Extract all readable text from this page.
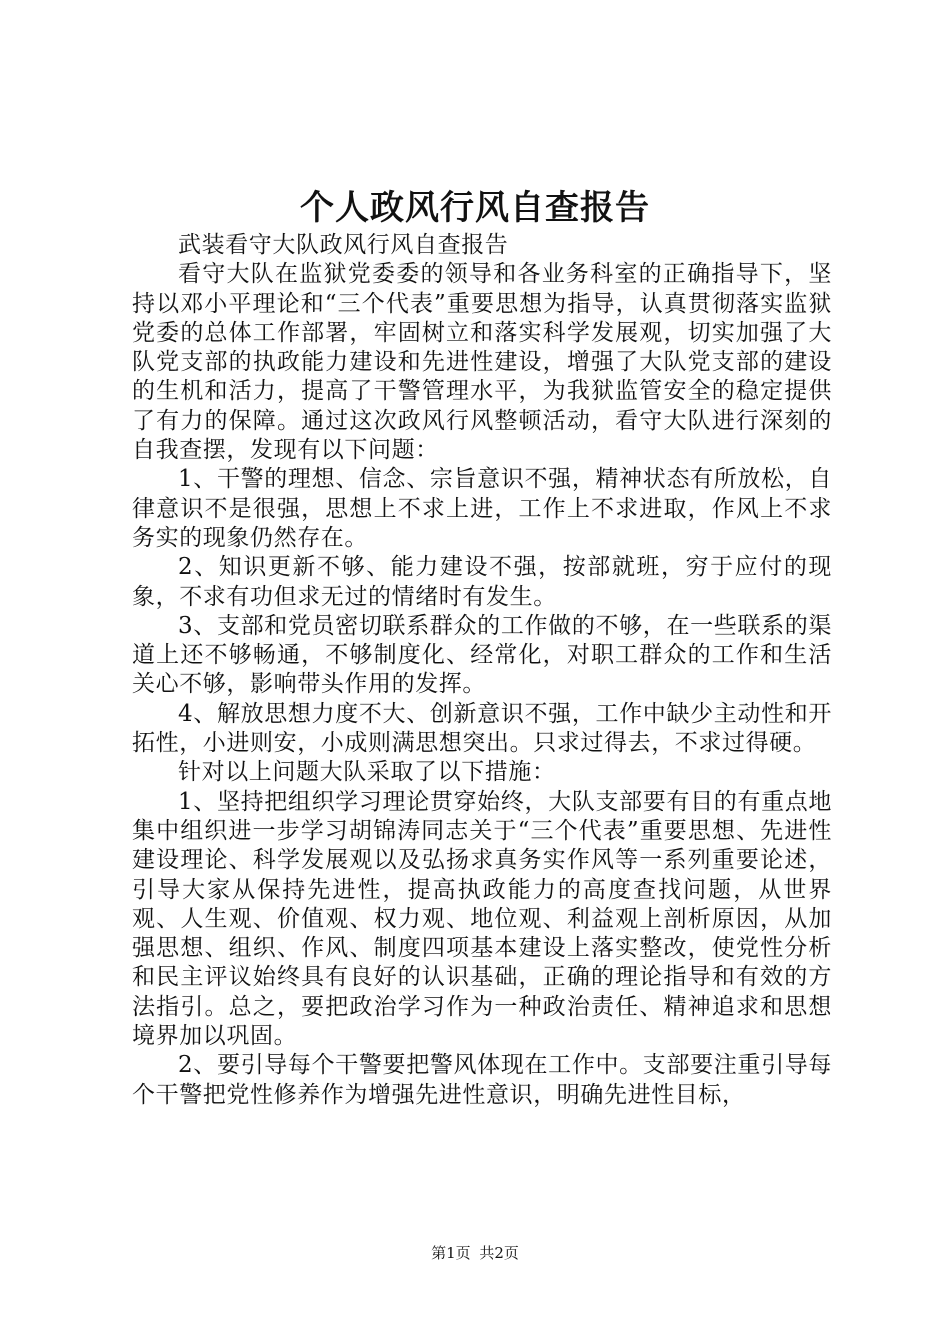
个人政风行风自查报告

武装看守大队政风行风自查报告

看守大队在监狱党委委的领导和各业务科室的正确指导下，坚持以邓小平理论和“三个代表”重要思想为指导，认真贯彻落实监狱党委的总体工作部署，牢固树立和落实科学发展观，切实加强了大队党支部的执政能力建设和先进性建设，增强了大队党支部的建设的生机和活力，提高了干警管理水平，为我狱监管安全的稳定提供了有力的保障。通过这次政风行风整顿活动，看守大队进行深刻的自我查摆，发现有以下问题：

1、干警的理想、信念、宗旨意识不强，精神状态有所放松，自律意识不是很强，思想上不求上进，工作上不求进取，作风上不求务实的现象仍然存在。

2、知识更新不够、能力建设不强，按部就班，穷于应付的现象，不求有功但求无过的情绪时有发生。

3、支部和党员密切联系群众的工作做的不够，在一些联系的渠道上还不够畅通，不够制度化、经常化，对职工群众的工作和生活关心不够，影响带头作用的发挥。

4、解放思想力度不大、创新意识不强，工作中缺少主动性和开拓性，小进则安，小成则满思想突出。只求过得去，不求过得硬。

针对以上问题大队采取了以下措施：

1、坚持把组织学习理论贯穿始终，大队支部要有目的有重点地集中组织进一步学习胡锦涛同志关于“三个代表”重要思想、先进性建设理论、科学发展观以及弘扬求真务实作风等一系列重要论述，引导大家从保持先进性，提高执政能力的高度查找问题，从世界观、人生观、价值观、权力观、地位观、利益观上剖析原因，从加强思想、组织、作风、制度四项基本建设上落实整改，使党性分析和民主评议始终具有良好的认识基础，正确的理论指导和有效的方法指引。总之，要把政治学习作为一种政治责任、精神追求和思想境界加以巩固。

2、要引导每个干警要把警风体现在工作中。支部要注重引导每个干警把党性修养作为增强先进性意识，明确先进性目标，

第1页 共2页
